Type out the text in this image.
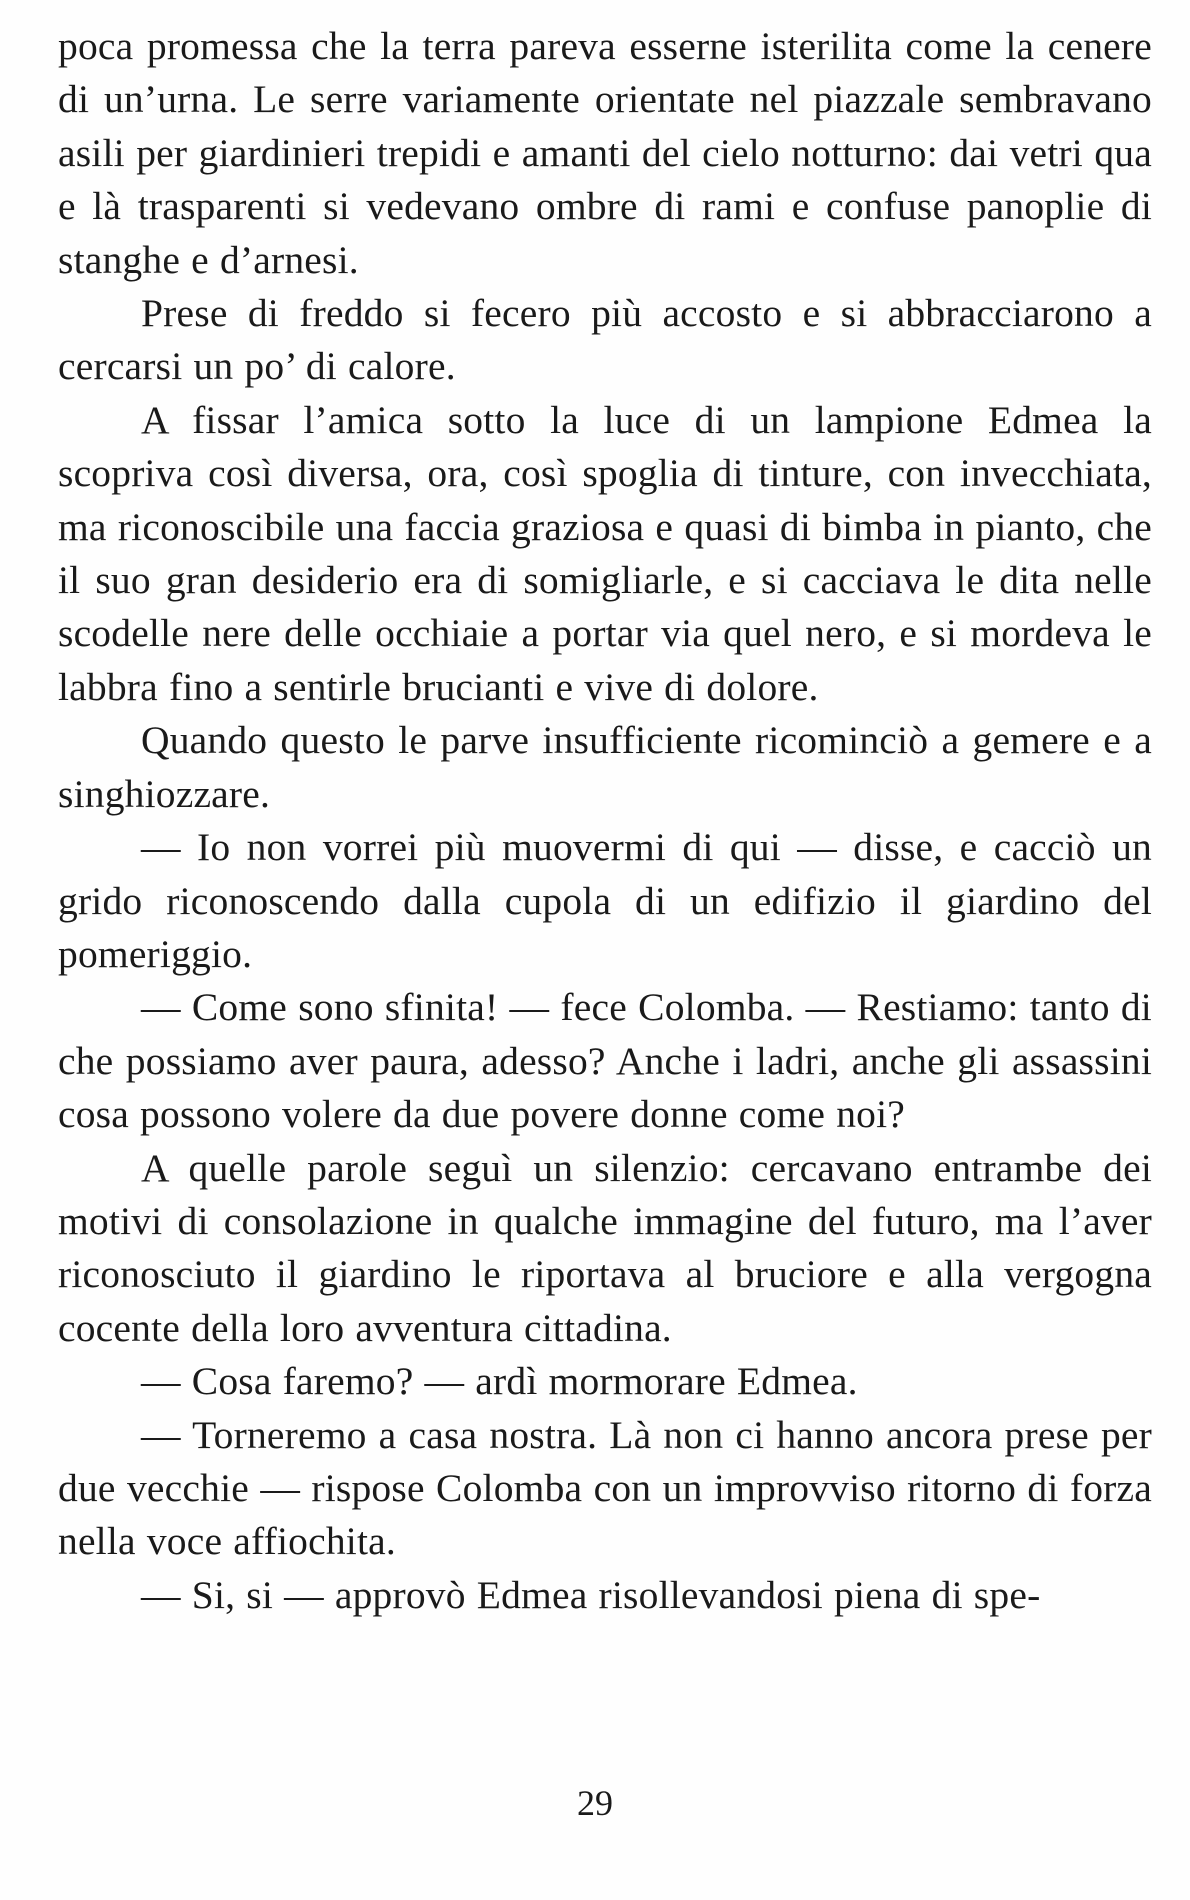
poca promessa che la terra pareva esserne isterilita come la cenere di un’urna. Le serre variamente orientate nel piazzale sembravano asili per giardinieri trepidi e amanti del cielo notturno: dai vetri qua e là trasparenti si vedevano ombre di rami e confuse panoplie di stanghe e d’arnesi.

Prese di freddo si fecero più accosto e si abbracciarono a cercarsi un po’ di calore.

A fissar l’amica sotto la luce di un lampione Edmea la scopriva così diversa, ora, così spoglia di tinture, con invecchiata, ma riconoscibile una faccia graziosa e quasi di bimba in pianto, che il suo gran desiderio era di somigliarle, e si cacciava le dita nelle scodelle nere delle occhiaie a portar via quel nero, e si mordeva le labbra fino a sentirle brucianti e vive di dolore.

Quando questo le parve insufficiente ricominciò a gemere e a singhiozzare.

— Io non vorrei più muovermi di qui — disse, e cacciò un grido riconoscendo dalla cupola di un edifizio il giardino del pomeriggio.

— Come sono sfinita! — fece Colomba. — Restiamo: tanto di che possiamo aver paura, adesso? Anche i ladri, anche gli assassini cosa possono volere da due povere donne come noi?

A quelle parole seguì un silenzio: cercavano entrambe dei motivi di consolazione in qualche immagine del futuro, ma l’aver riconosciuto il giardino le riportava al bruciore e alla vergogna cocente della loro avventura cittadina.

— Cosa faremo? — ardì mormorare Edmea.

— Torneremo a casa nostra. Là non ci hanno ancora prese per due vecchie — rispose Colomba con un improvviso ritorno di forza nella voce affiochita.

— Si, si — approvò Edmea risollevandosi piena di spe-

29
